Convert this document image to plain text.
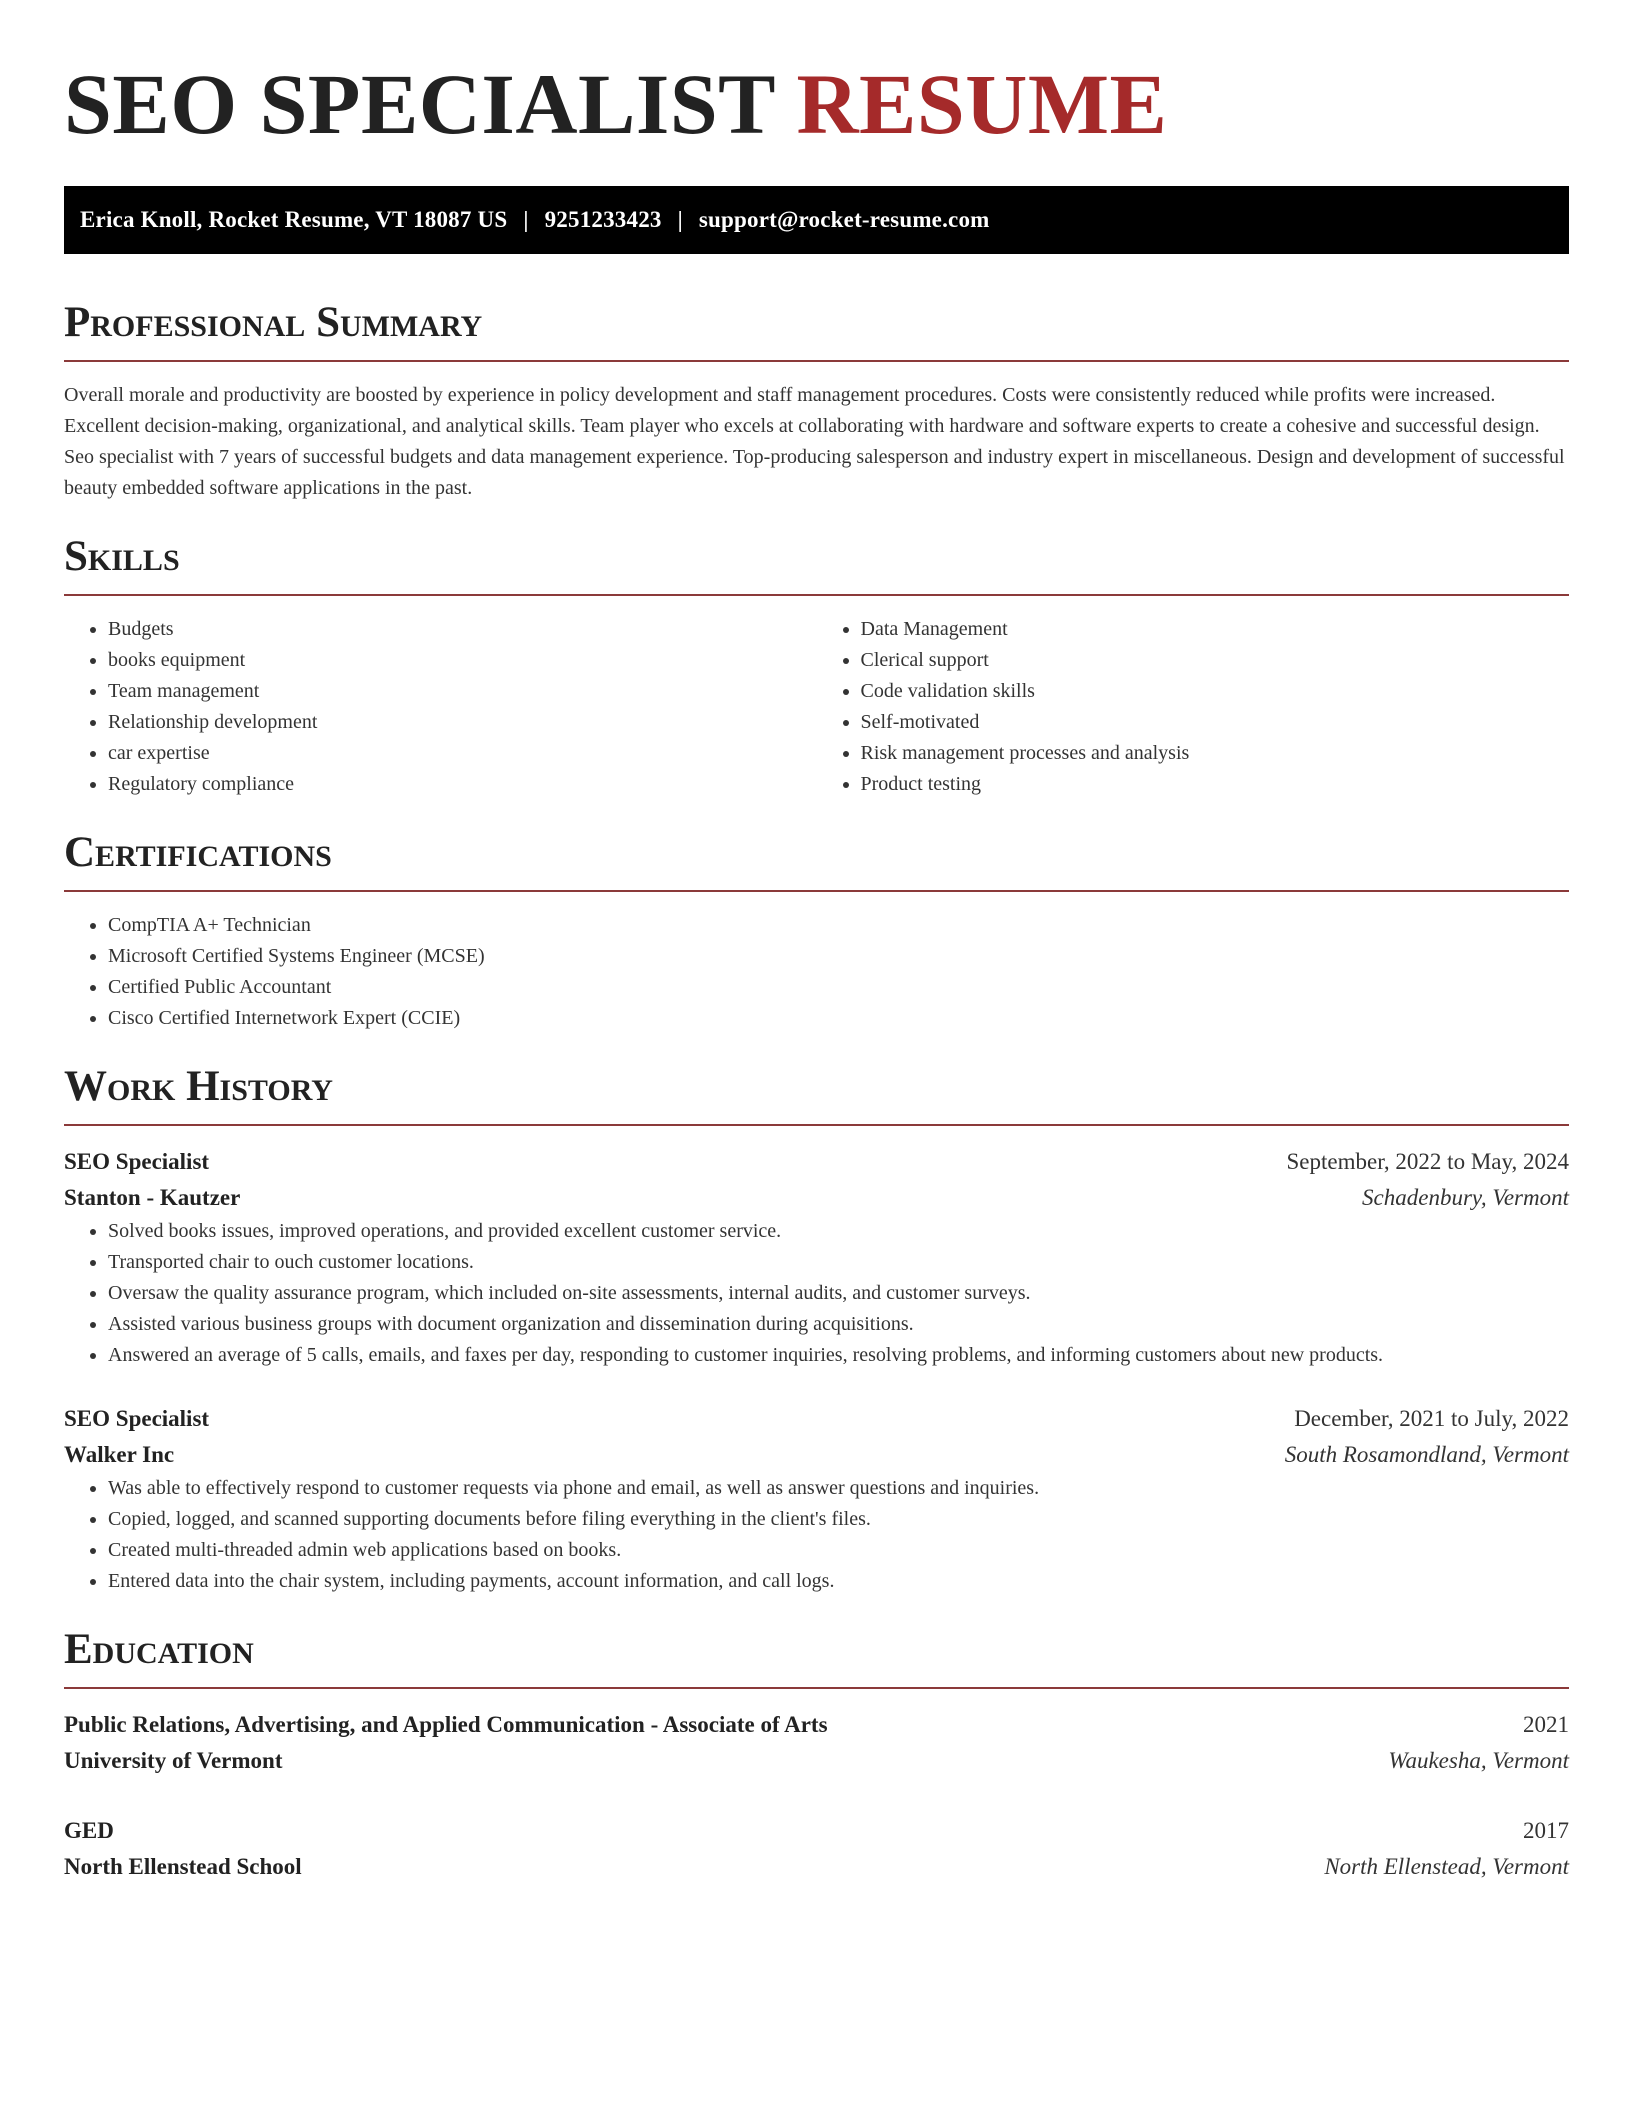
SEO SPECIALIST RESUME
Erica Knoll, Rocket Resume, VT 18087 US | 9251233423 | support@rocket-resume.com
Professional Summary

Overall morale and productivity are boosted by experience in policy development and staff management procedures. Costs were consistently reduced while profits were increased. Excellent decision-making, organizational, and analytical skills. Team player who excels at collaborating with hardware and software experts to create a cohesive and successful design. Seo specialist with 7 years of successful budgets and data management experience. Top-producing salesperson and industry expert in miscellaneous. Design and development of successful beauty embedded software applications in the past.

Skills
• Budgets
• books equipment
• Team management
• Relationship development
• car expertise
• Regulatory compliance
• Data Management
• Clerical support
• Code validation skills
• Self-motivated
• Risk management processes and analysis
• Product testing
Certifications
• CompTIA A+ Technician
• Microsoft Certified Systems Engineer (MCSE)
• Certified Public Accountant
• Cisco Certified Internetwork Expert (CCIE)
Work History
SEO Specialist	September, 2022 to May, 2024
Stanton - Kautzer	Schadenbury, Vermont
• Solved books issues, improved operations, and provided excellent customer service.
• Transported chair to ouch customer locations.
• Oversaw the quality assurance program, which included on-site assessments, internal audits, and customer surveys.
• Assisted various business groups with document organization and dissemination during acquisitions.
• Answered an average of 5 calls, emails, and faxes per day, responding to customer inquiries, resolving problems, and informing customers about new products.
SEO Specialist	December, 2021 to July, 2022
Walker Inc	South Rosamondland, Vermont
• Was able to effectively respond to customer requests via phone and email, as well as answer questions and inquiries.
• Copied, logged, and scanned supporting documents before filing everything in the client's files.
• Created multi-threaded admin web applications based on books.
• Entered data into the chair system, including payments, account information, and call logs.
Education
Public Relations, Advertising, and Applied Communication - Associate of Arts	2021
University of Vermont	Waukesha, Vermont
GED	2017
North Ellenstead School	North Ellenstead, Vermont
